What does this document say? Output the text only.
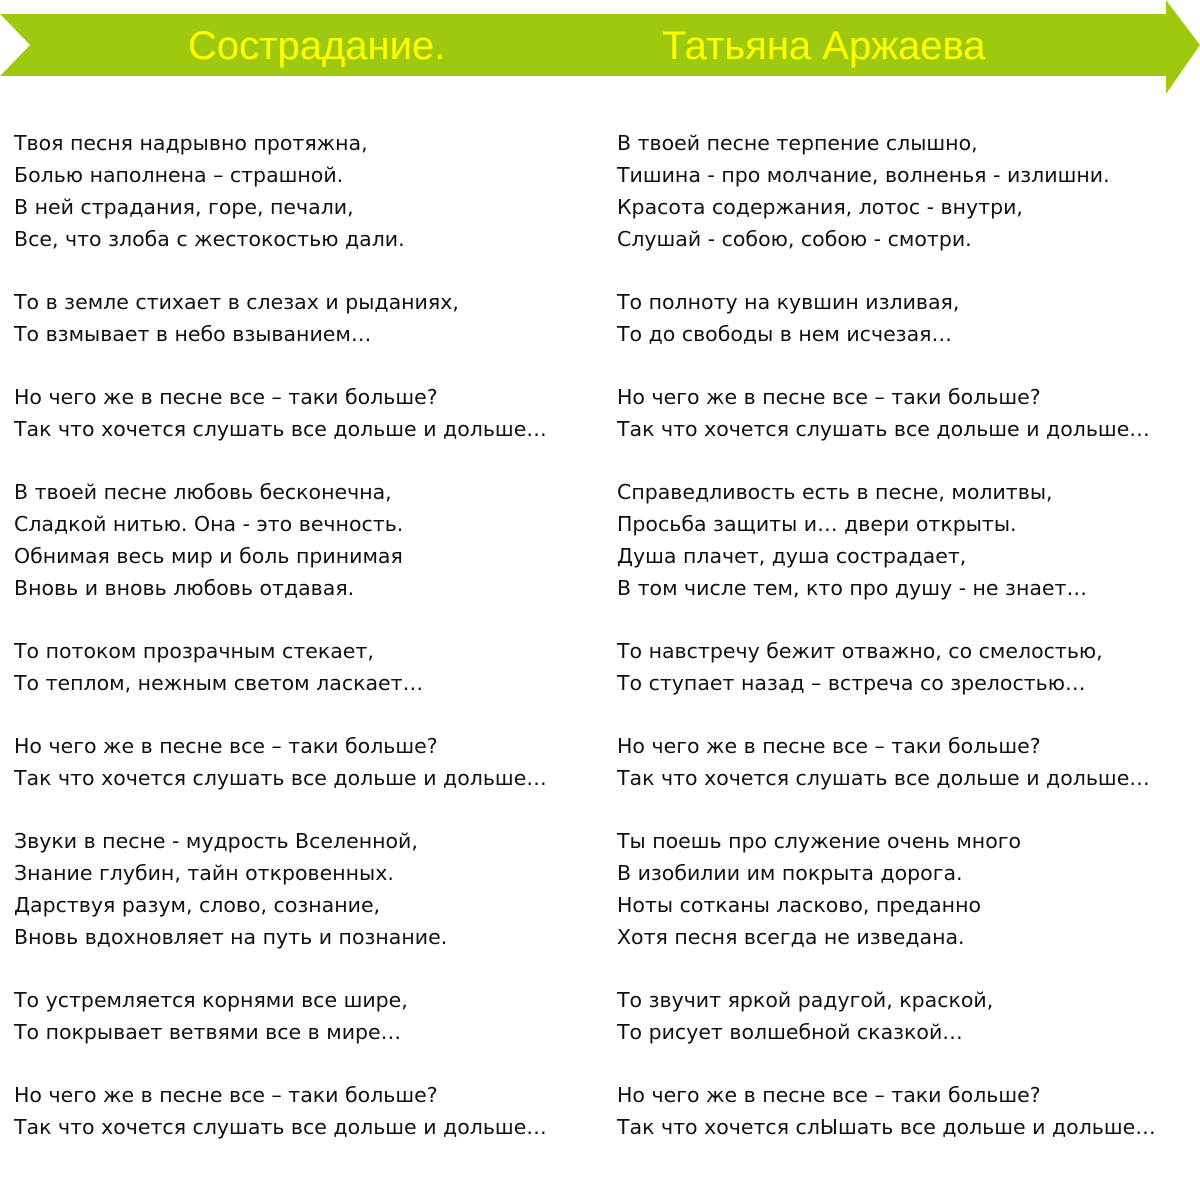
Сострадание.	Татьяна Аржаева
Твоя песня надрывно протяжна,
Болью наполнена – страшной.
В ней страдания, горе, печали,
Все, что злоба с жестокостью дали.
То в земле стихает в слезах и рыданиях,
То взмывает в небо взыванием…
Но чего же в песне все – таки больше?
Так что хочется слушать все дольше и дольше…
В твоей песне любовь бесконечна,
Сладкой нитью. Она - это вечность.
Обнимая весь мир и боль принимая
Вновь и вновь любовь отдавая.
То потоком прозрачным стекает,
То теплом, нежным светом ласкает…
Но чего же в песне все – таки больше?
Так что хочется слушать все дольше и дольше…
Звуки в песне - мудрость Вселенной,
Знание глубин, тайн откровенных.
Дарствуя разум, слово, сознание,
Вновь вдохновляет на путь и познание.
То устремляется корнями все шире,
То покрывает ветвями все в мире…
Но чего же в песне все – таки больше?
Так что хочется слушать все дольше и дольше…
В твоей песне терпение слышно,
Тишина - про молчание, волненья - излишни.
Красота содержания, лотос - внутри,
Слушай - собою, собою - смотри.
То полноту на кувшин изливая,
То до свободы в нем исчезая…
Но чего же в песне все – таки больше?
Так что хочется слушать все дольше и дольше…
Справедливость есть в песне, молитвы,
Просьба защиты и… двери открыты.
Душа плачет, душа сострадает,
В том числе тем, кто про душу - не знает…
То навстречу бежит отважно, со смелостью,
То ступает назад – встреча со зрелостью…
Но чего же в песне все – таки больше?
Так что хочется слушать все дольше и дольше…
Ты поешь про служение очень много
В изобилии им покрыта дорога.
Ноты сотканы ласково, преданно
Хотя песня всегда не изведана.
То звучит яркой радугой, краской,
То рисует волшебной сказкой…
Но чего же в песне все – таки больше?
Так что хочется слЫшать все дольше и дольше…
